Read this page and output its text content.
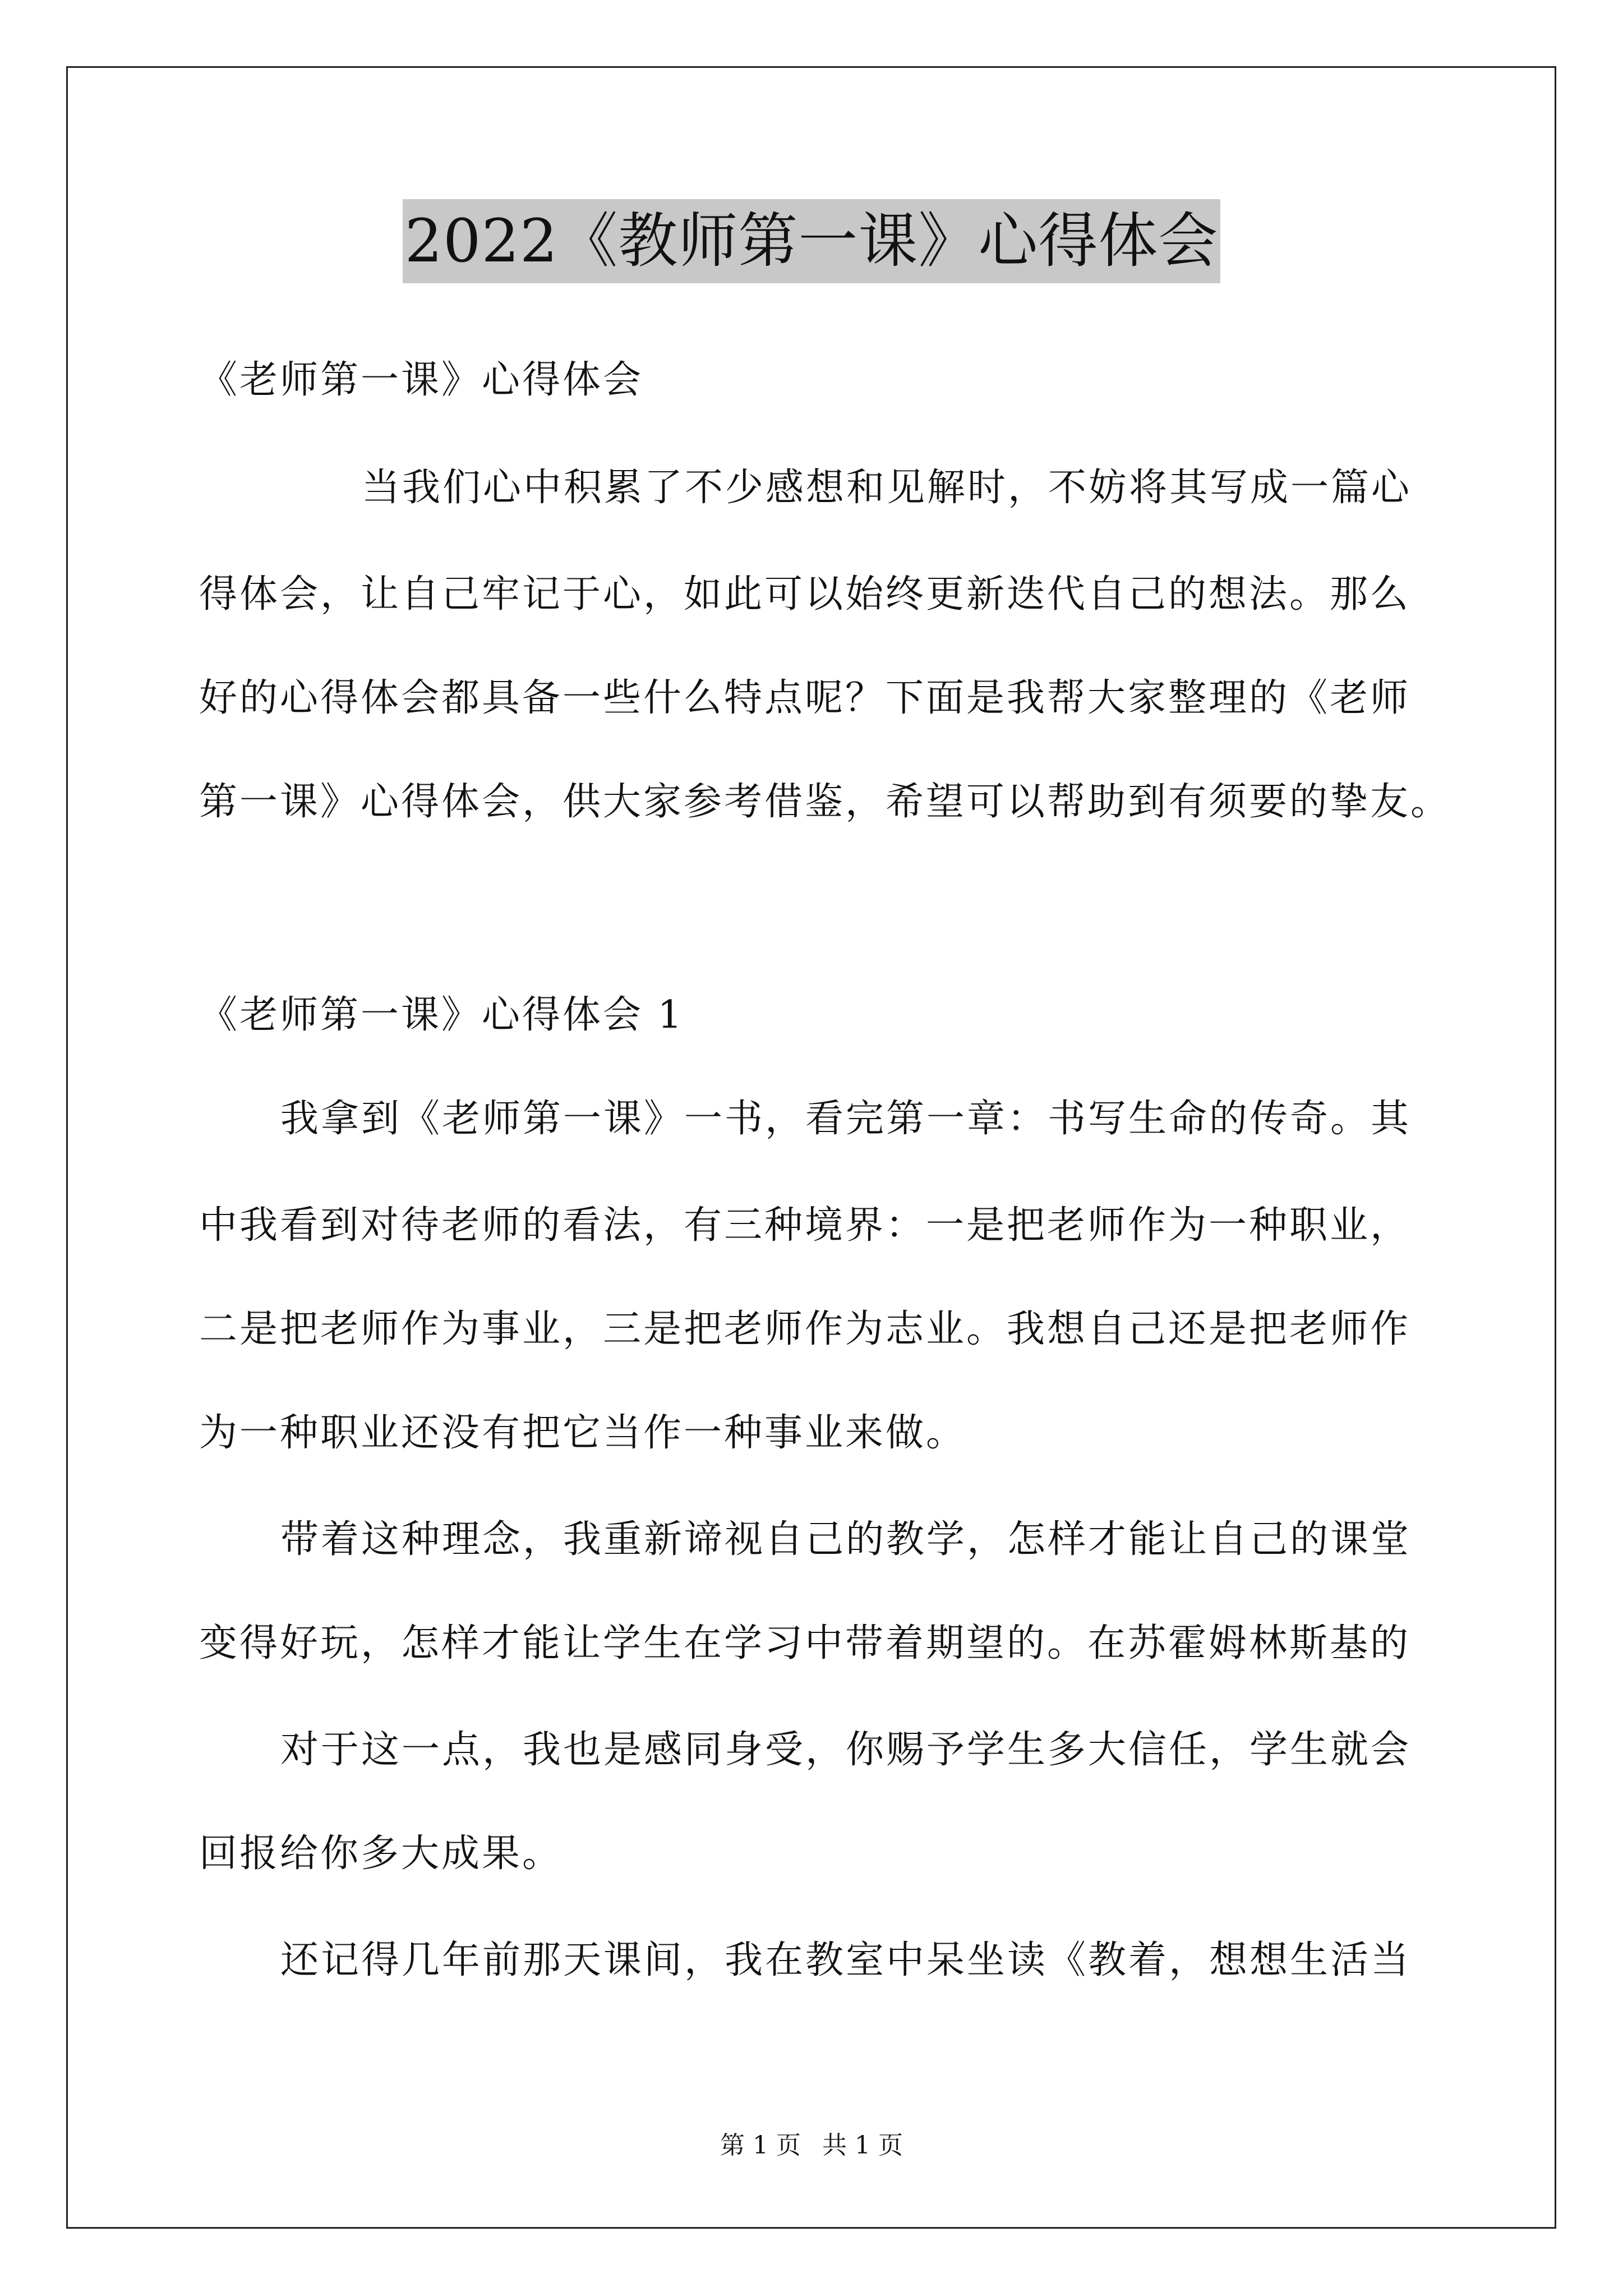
2022《教师第一课》心得体会
《老师第一课》心得体会
当我们心中积累了不少感想和见解时，不妨将其写成一篇心
得体会，让自己牢记于心，如此可以始终更新迭代自己的想法。那么
好的心得体会都具备一些什么特点呢？下面是我帮大家整理的《老师
第一课》心得体会，供大家参考借鉴，希望可以帮助到有须要的挚友。
《老师第一课》心得体会 1
我拿到《老师第一课》一书，看完第一章：书写生命的传奇。其
中我看到对待老师的看法，有三种境界：一是把老师作为一种职业，
二是把老师作为事业，三是把老师作为志业。我想自己还是把老师作
为一种职业还没有把它当作一种事业来做。
带着这种理念，我重新谛视自己的教学，怎样才能让自己的课堂
变得好玩，怎样才能让学生在学习中带着期望的。在苏霍姆林斯基的
对于这一点，我也是感同身受，你赐予学生多大信任，学生就会
回报给你多大成果。
还记得几年前那天课间，我在教室中呆坐读《教着，想想生活当
第 1 页 共 1 页
